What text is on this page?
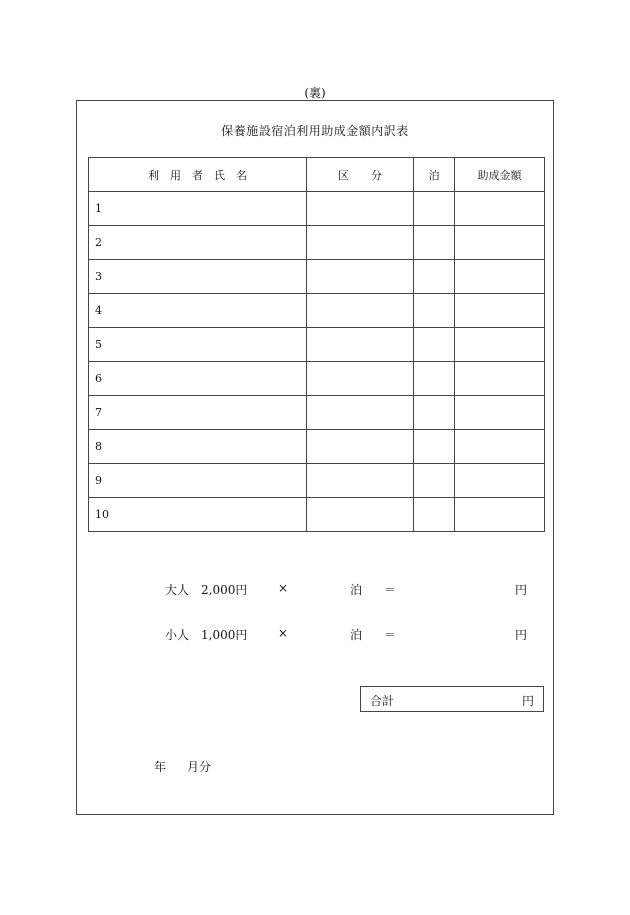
(裏)
保養施設宿泊利用助成金額内訳表
利　用　者　氏　名	区　　分	泊	助成金額
1			
2			
3			
4			
5			
6			
7			
8			
9			
10			
大人　2,000円	×	泊 ＝	円
小人　1,000円	×	泊 ＝	円
合計	円
年 月分
